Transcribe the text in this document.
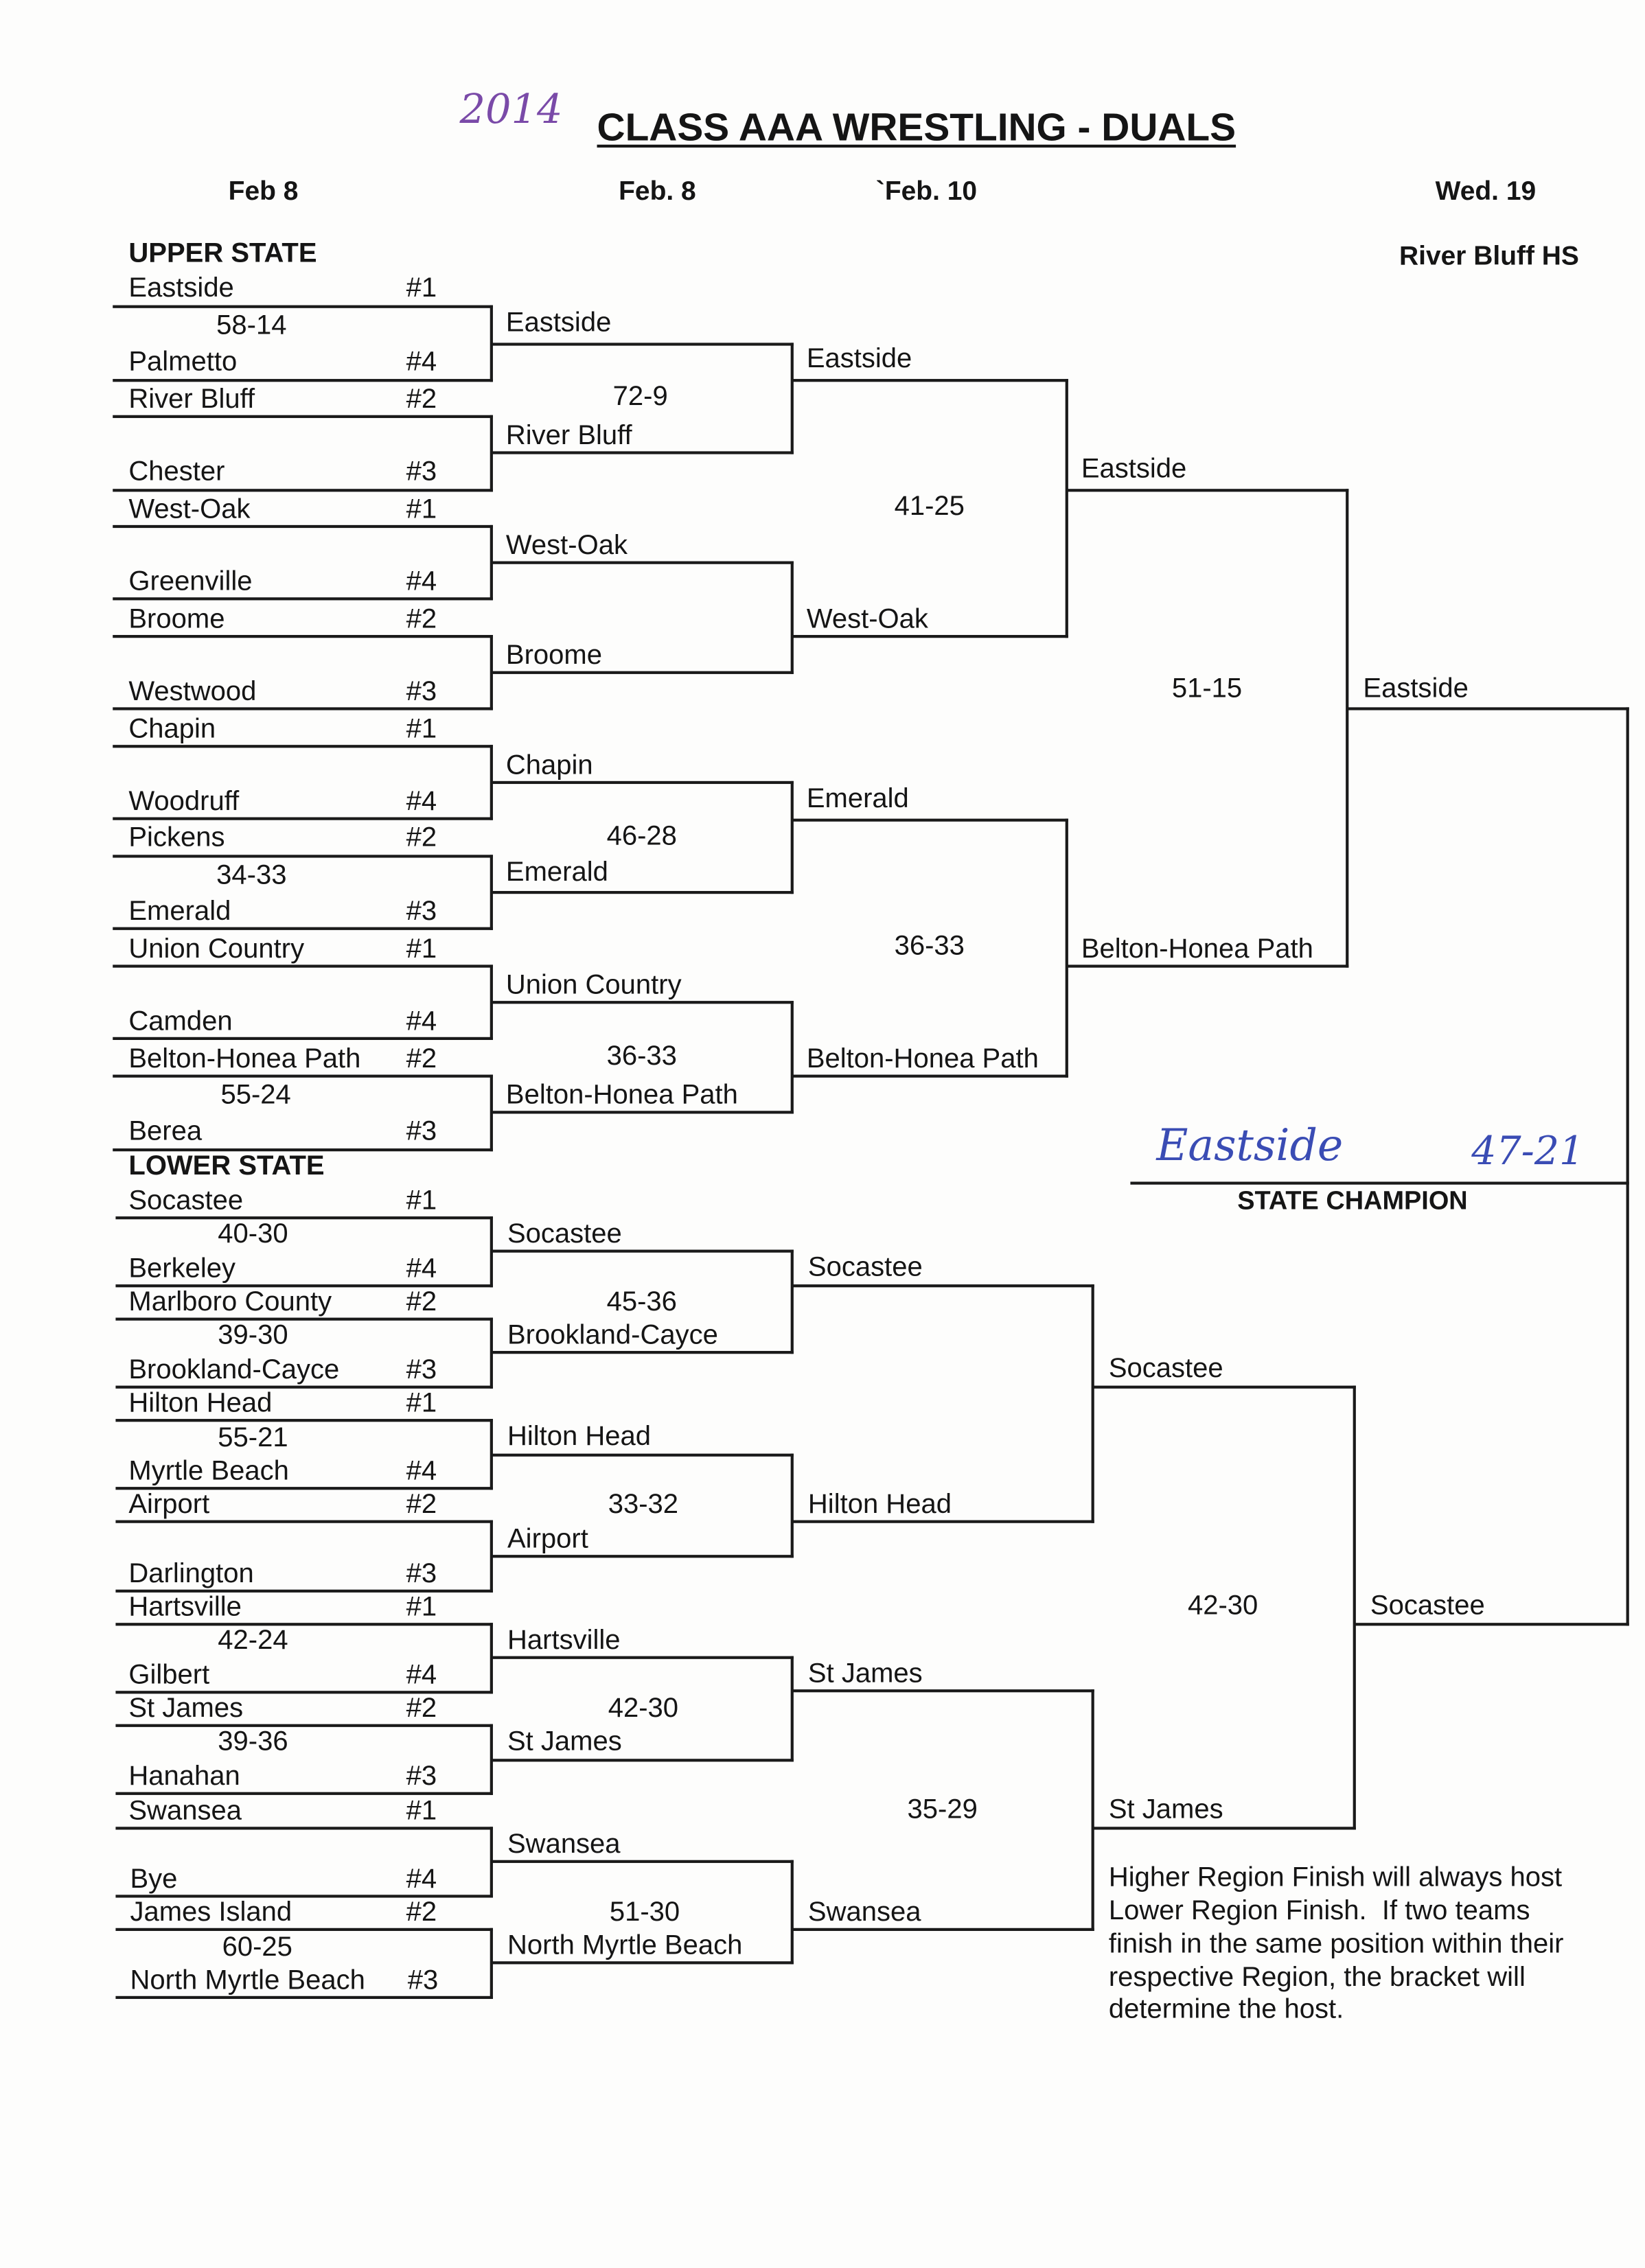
2014 CLASS AAA WRESTLING - DUALS
Feb 8	Feb. 8	`Feb. 10	Wed. 19
River Bluff HS
UPPER STATE
LOWER STATE
Eastside	#1
58-14
Palmetto	#4
River Bluff	#2
Chester	#3
West-Oak	#1
Greenville	#4
Broome	#2
Westwood	#3
Chapin	#1
Woodruff	#4
Pickens	#2
34-33
Emerald	#3
Union Country	#1
Camden	#4
Belton-Honea Path	#2
55-24
Berea	#3
Socastee	#1
40-30
Berkeley	#4
Marlboro County	#2
39-30
Brookland-Cayce	#3
Hilton Head	#1
55-21
Myrtle Beach	#4
Airport	#2
Darlington	#3
Hartsville	#1
42-24
Gilbert	#4
St James	#2
39-36
Hanahan	#3
Swansea	#1
Bye	#4
James Island	#2
60-25
North Myrtle Beach	#3
Eastside
72-9
River Bluff
West-Oak
Broome
Chapin
46-28
Emerald
Union Country
36-33
Belton-Honea Path
Socastee
45-36
Brookland-Cayce
Hilton Head
33-32
Airport
Hartsville
42-30
St James
Swansea
51-30
North Myrtle Beach
Eastside
41-25
West-Oak
Emerald
36-33
Belton-Honea Path
Socastee
Hilton Head
St James
35-29
Swansea
Eastside
51-15
Belton-Honea Path
Socastee
42-30
St James
Eastside
Socastee
Eastside	47-21
STATE CHAMPION
Higher Region Finish will always host
Lower Region Finish.  If two teams
finish in the same position within their
respective Region, the bracket will
determine the host.
